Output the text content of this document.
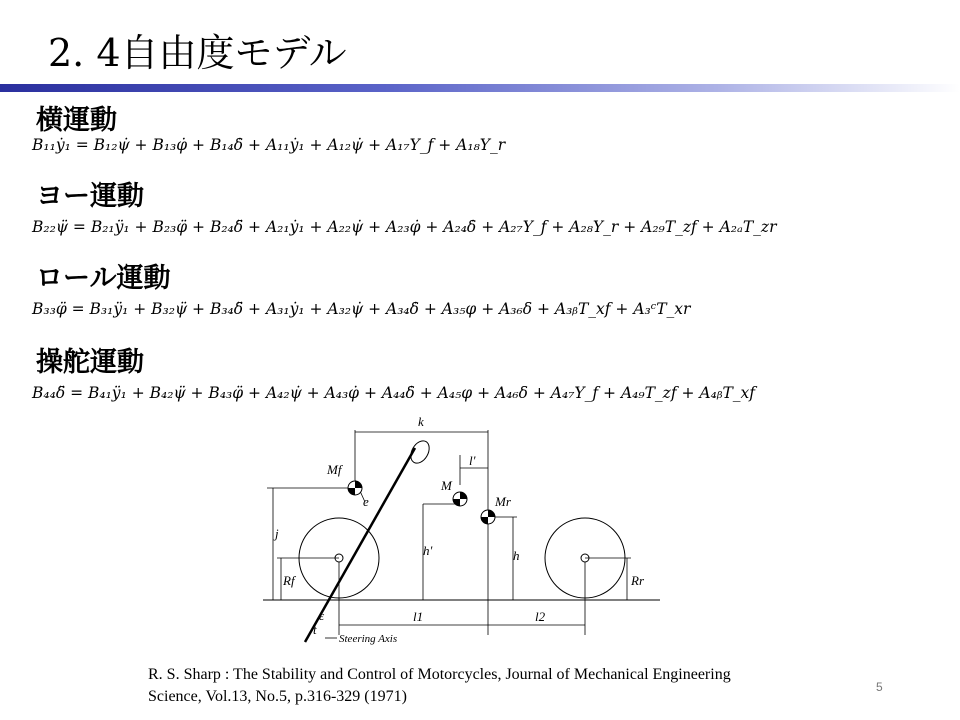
2. 4自由度モデル
横運動
B₁₁ẏ₁ = B₁₂ψ̇ + B₁₃φ̇ + B₁₄δ̇ + A₁₁ẏ₁ + A₁₂ψ̇ + A₁₇Y_f + A₁₈Y_r
ヨー運動
B₂₂ψ̈ = B₂₁ÿ₁ + B₂₃φ̈ + B₂₄δ̈ + A₂₁ẏ₁ + A₂₂ψ̇ + A₂₃φ̇ + A₂₄δ̇ + A₂₇Y_f + A₂₈Y_r + A₂₉T_zf + A₂ₐT_zr
ロール運動
B₃₃φ̈ = B₃₁ÿ₁ + B₃₂ψ̈ + B₃₄δ̈ + A₃₁ẏ₁ + A₃₂ψ̇ + A₃₄δ̇ + A₃₅φ + A₃₆δ + A₃ᵦT_xf + A₃ᶜT_xr
操舵運動
B₄₄δ̈ = B₄₁ÿ₁ + B₄₂ψ̈ + B₄₃φ̈ + A₄₂ψ̇ + A₄₃φ̇ + A₄₄δ̇ + A₄₅φ + A₄₆δ + A₄₇Y_f + A₄₉T_zf + A₄ᵦT_xf
k
Mf
M
Mr
e
l'
j
h'	h
Rf	Rr
ε
t
l1	l2
Steering Axis
R. S. Sharp : The Stability and Control of Motorcycles, Journal of Mechanical Engineering
Science, Vol.13, No.5, p.316-329 (1971)
5
